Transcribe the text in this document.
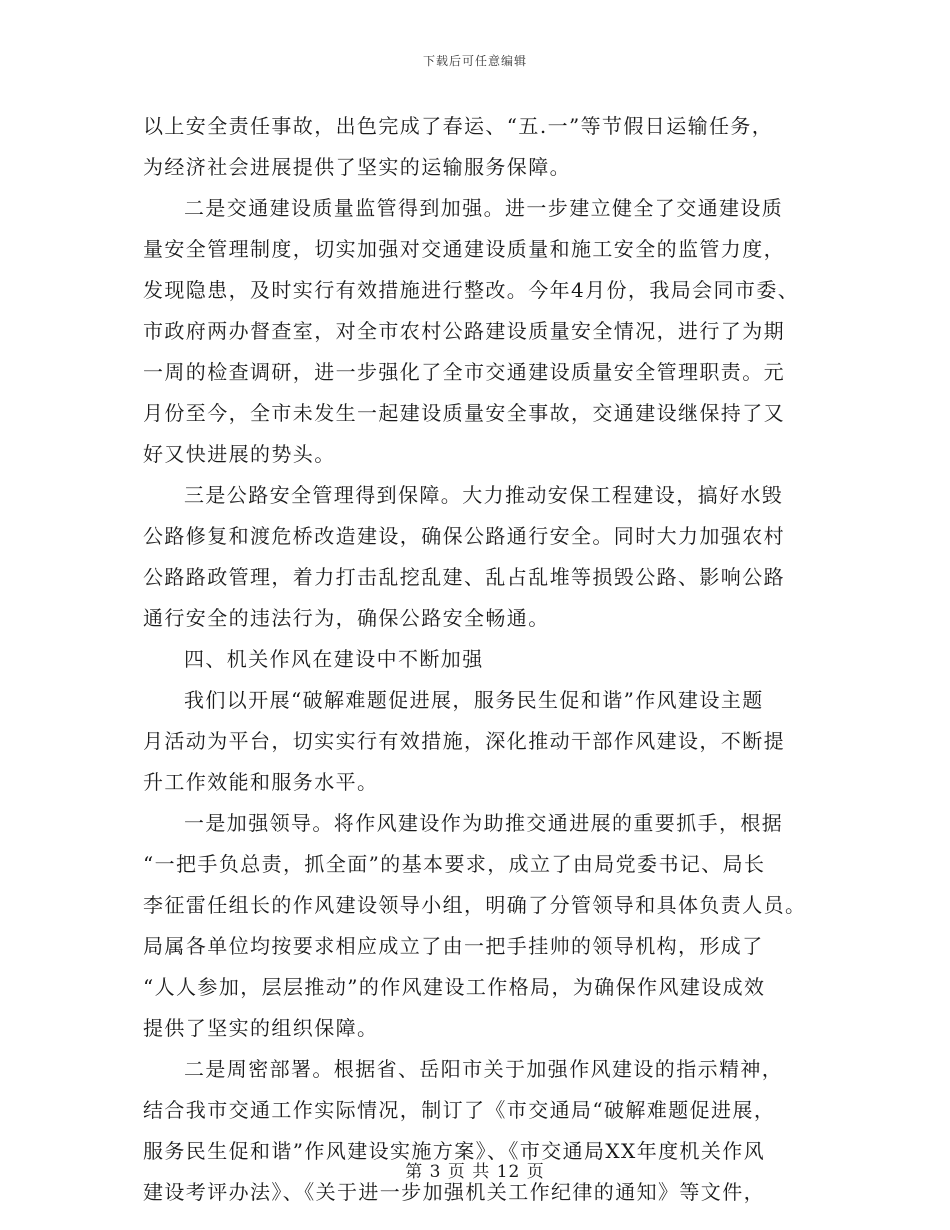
下载后可任意编辑
以上安全责任事故，出色完成了春运、“五.一”等节假日运输任务，
为经济社会进展提供了坚实的运输服务保障。
二是交通建设质量监管得到加强。进一步建立健全了交通建设质
量安全管理制度，切实加强对交通建设质量和施工安全的监管力度，
发现隐患，及时实行有效措施进行整改。今年4月份，我局会同市委、
市政府两办督查室，对全市农村公路建设质量安全情况，进行了为期
一周的检查调研，进一步强化了全市交通建设质量安全管理职责。元
月份至今，全市未发生一起建设质量安全事故，交通建设继保持了又
好又快进展的势头。
三是公路安全管理得到保障。大力推动安保工程建设，搞好水毁
公路修复和渡危桥改造建设，确保公路通行安全。同时大力加强农村
公路路政管理，着力打击乱挖乱建、乱占乱堆等损毁公路、影响公路
通行安全的违法行为，确保公路安全畅通。
四、机关作风在建设中不断加强
我们以开展“破解难题促进展，服务民生促和谐”作风建设主题
月活动为平台，切实实行有效措施，深化推动干部作风建设，不断提
升工作效能和服务水平。
一是加强领导。将作风建设作为助推交通进展的重要抓手，根据
“一把手负总责，抓全面”的基本要求，成立了由局党委书记、局长
李征雷任组长的作风建设领导小组，明确了分管领导和具体负责人员。
局属各单位均按要求相应成立了由一把手挂帅的领导机构，形成了
“人人参加，层层推动”的作风建设工作格局，为确保作风建设成效
提供了坚实的组织保障。
二是周密部署。根据省、岳阳市关于加强作风建设的指示精神，
结合我市交通工作实际情况，制订了《市交通局“破解难题促进展，
服务民生促和谐”作风建设实施方案》、《市交通局XX年度机关作风
建设考评办法》、《关于进一步加强机关工作纪律的通知》等文件，
第 3 页 共 12 页
